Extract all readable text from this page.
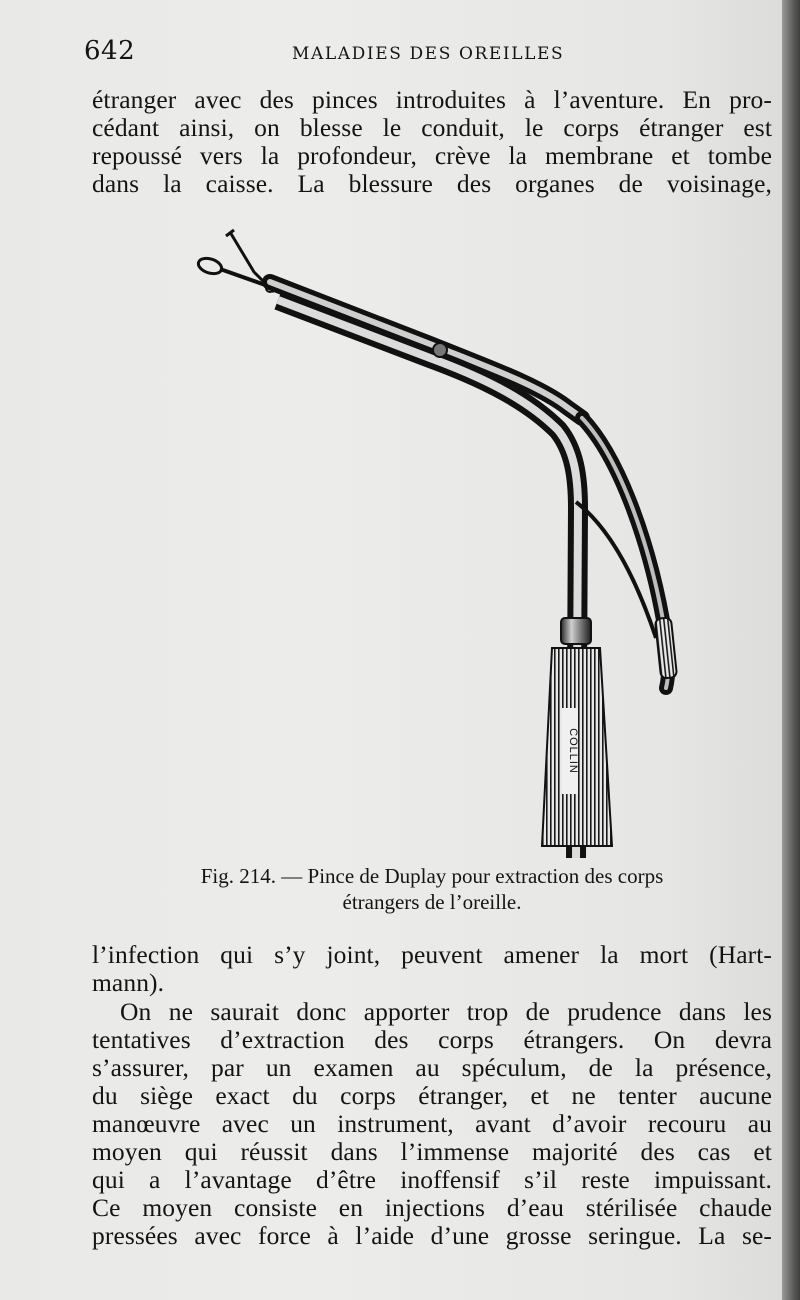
642	MALADIES DES OREILLES
étranger avec des pinces introduites à l’aventure. En pro-
cédant ainsi, on blesse le conduit, le corps étranger est
repoussé vers la profondeur, crève la membrane et tombe
dans la caisse. La blessure des organes de voisinage,
COLLIN
Fig. 214. — Pince de Duplay pour extraction des corps
étrangers de l’oreille.
l’infection qui s’y joint, peuvent amener la mort (Hart-
mann).
On ne saurait donc apporter trop de prudence dans les
tentatives d’extraction des corps étrangers. On devra
s’assurer, par un examen au spéculum, de la présence,
du siège exact du corps étranger, et ne tenter aucune
manœuvre avec un instrument, avant d’avoir recouru au
moyen qui réussit dans l’immense majorité des cas et
qui a l’avantage d’être inoffensif s’il reste impuissant.
Ce moyen consiste en injections d’eau stérilisée chaude
pressées avec force à l’aide d’une grosse seringue. La se-
